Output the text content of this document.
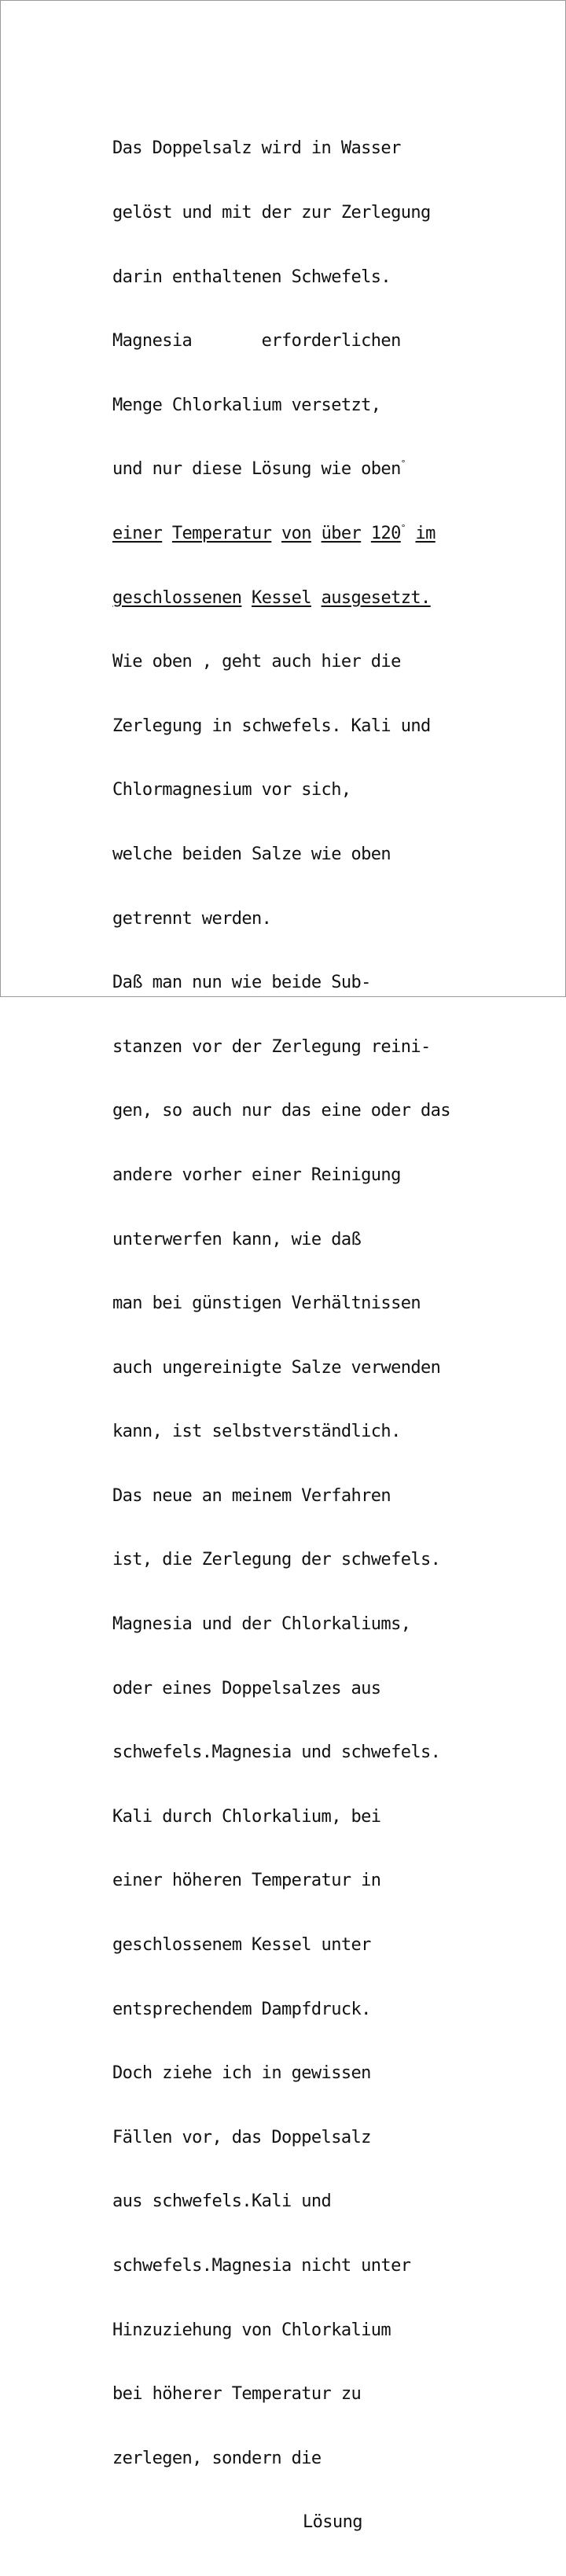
Das Doppelsalz wird in Wasser

gelöst und mit der zur Zerlegung

darin enthaltenen Schwefels.

Magnesia       erforderlichen

Menge Chlorkalium versetzt,

und nur diese Lösung wie oben°

einer Temperatur von über 120° im

geschlossenen Kessel ausgesetzt.

Wie oben , geht auch hier die

Zerlegung in schwefels. Kali und

Chlormagnesium vor sich,

welche beiden Salze wie oben

getrennt werden.

Daß man nun wie beide Sub-

stanzen vor der Zerlegung reini-

gen, so auch nur das eine oder das

andere vorher einer Reinigung

unterwerfen kann, wie daß

man bei günstigen Verhältnissen

auch ungereinigte Salze verwenden

kann, ist selbstverständlich.

Das neue an meinem Verfahren

ist, die Zerlegung der schwefels.

Magnesia und der Chlorkaliums,

oder eines Doppelsalzes aus

schwefels.Magnesia und schwefels.

Kali durch Chlorkalium, bei

einer höheren Temperatur in

geschlossenem Kessel unter

entsprechendem Dampfdruck.

Doch ziehe ich in gewissen

Fällen vor, das Doppelsalz

aus schwefels.Kali und

schwefels.Magnesia nicht unter

Hinzuziehung von Chlorkalium

bei höherer Temperatur zu

zerlegen, sondern die

Lösung
